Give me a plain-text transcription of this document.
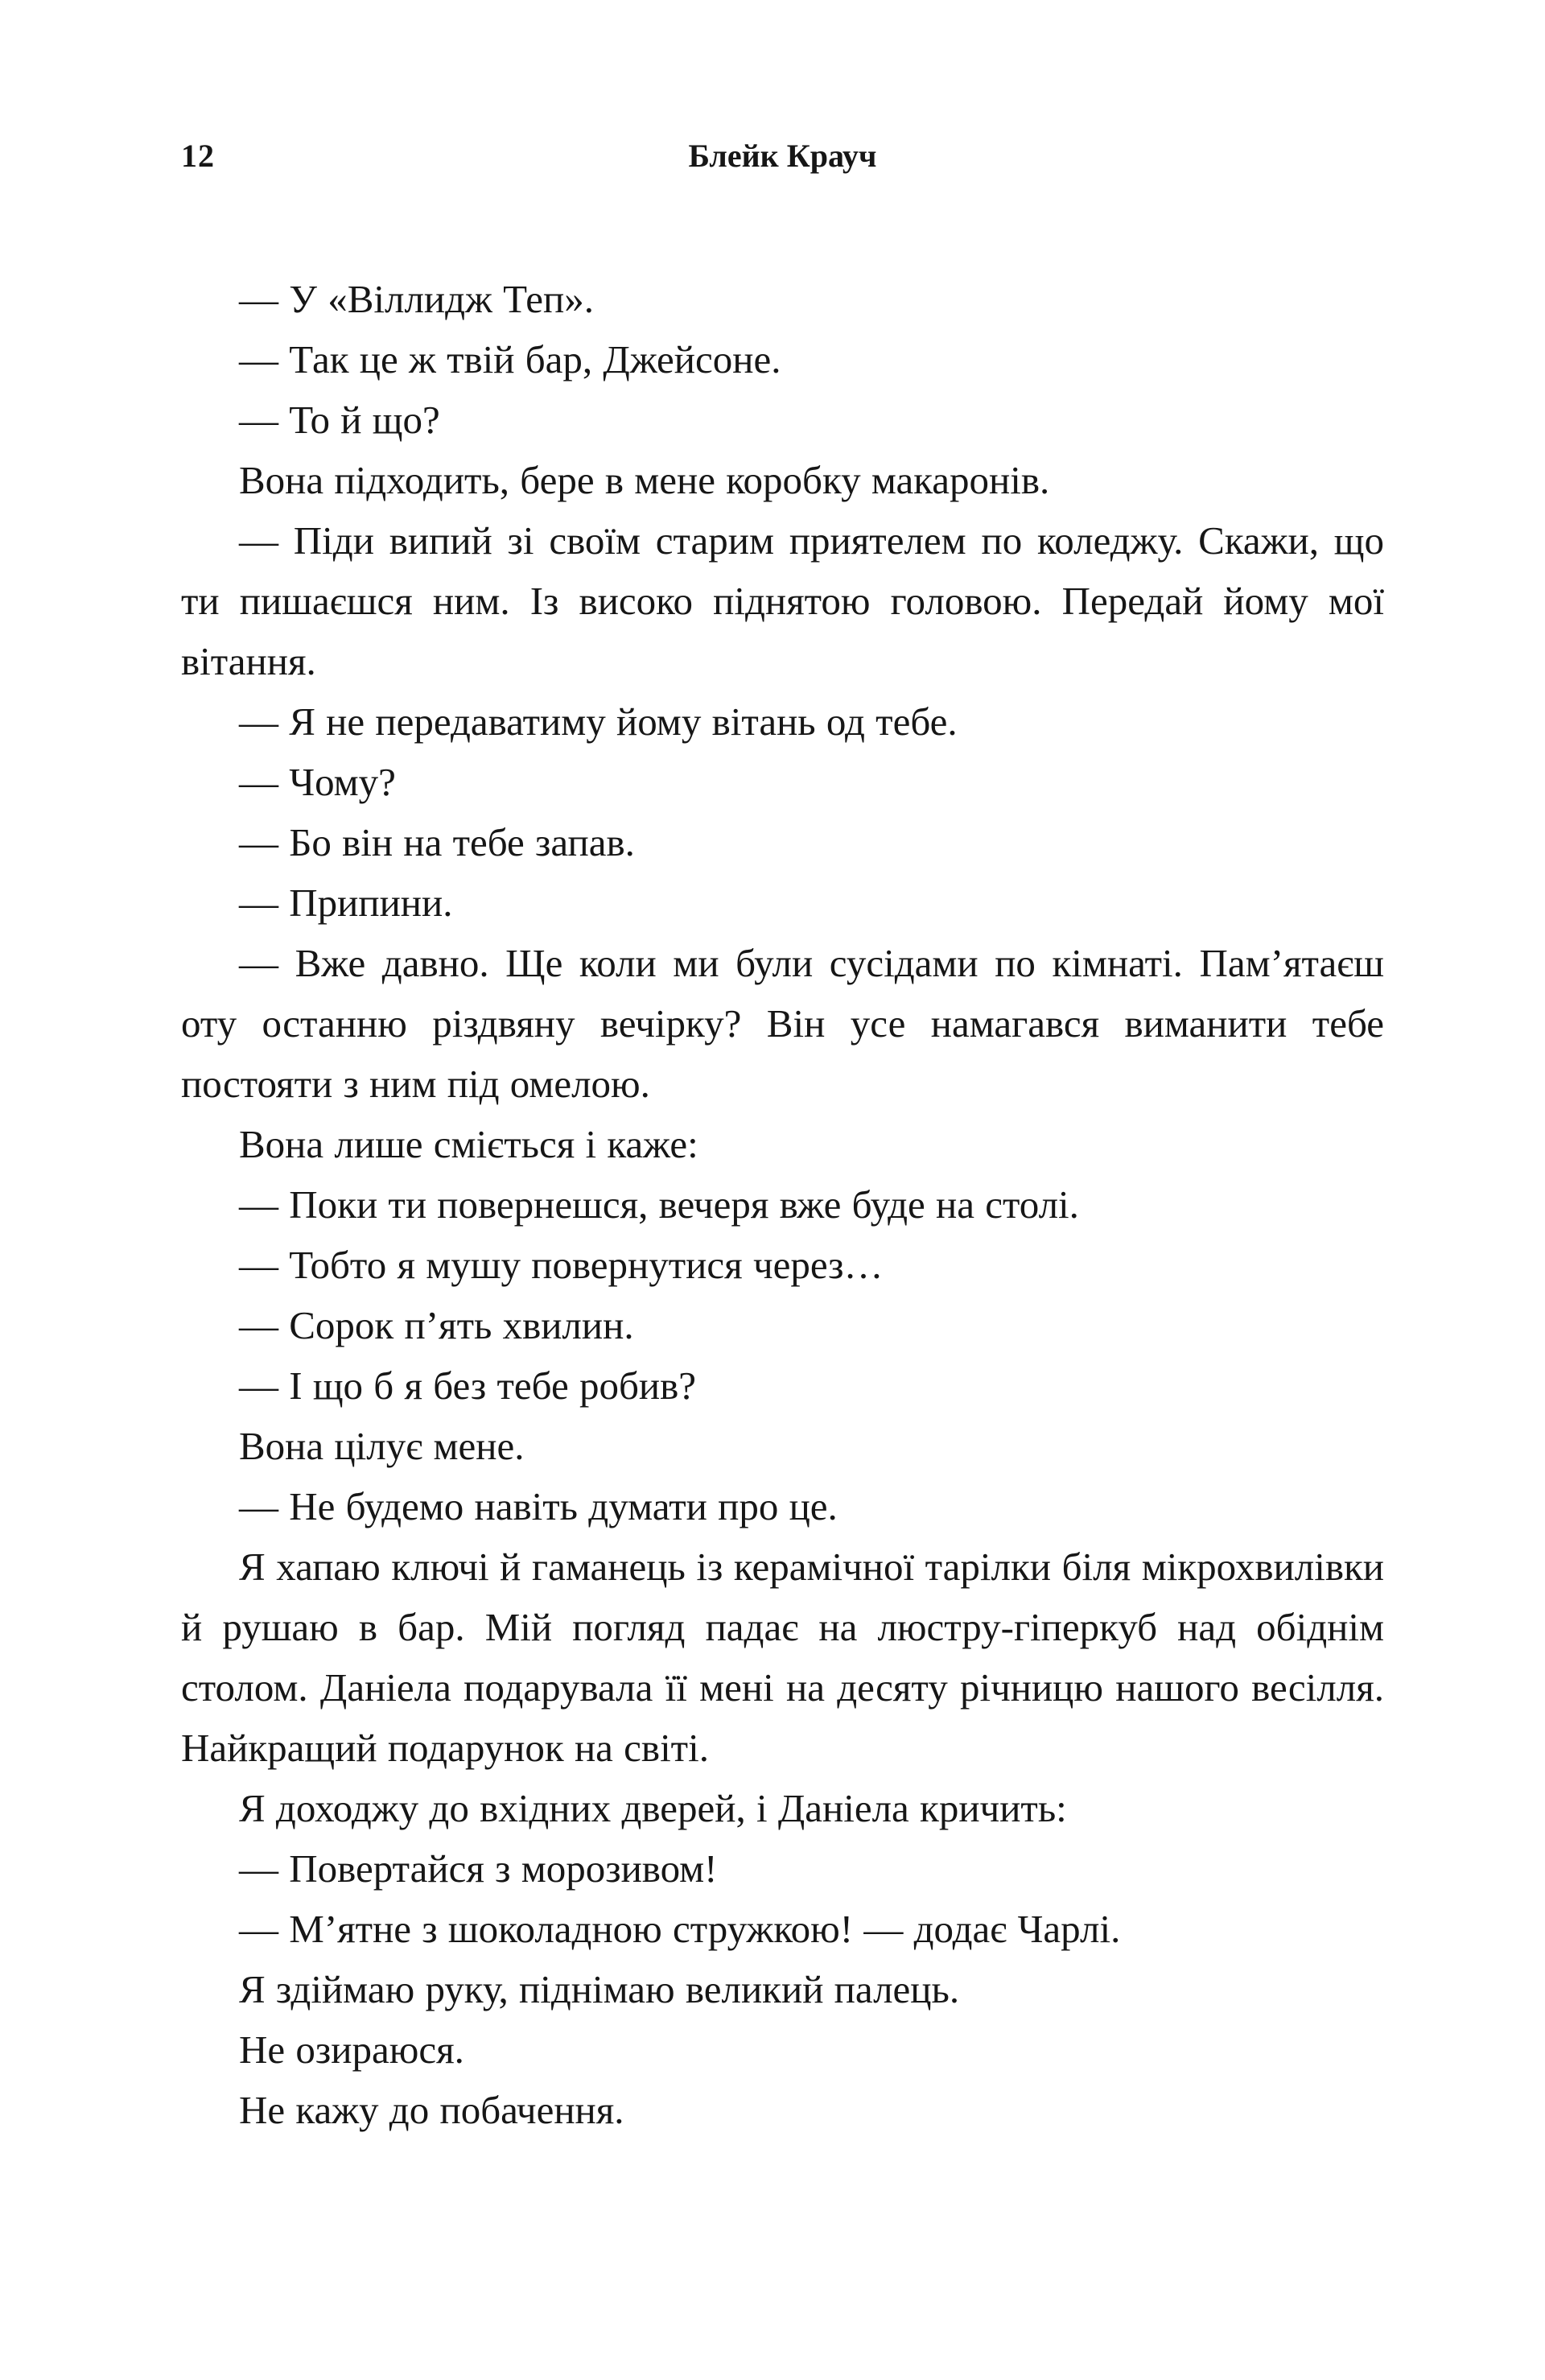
12	Блейк Крауч

— У «Віллидж Теп».

— Так це ж твій бар, Джейсоне.

— То й що?

Вона підходить, бере в мене коробку макаронів.

— Піди випий зі своїм старим приятелем по коледжу. Скажи, що ти пишаєшся ним. Із високо піднятою головою. Передай йому мої вітання.

— Я не передаватиму йому вітань од тебе.

— Чому?

— Бо він на тебе запав.

— Припини.

— Вже давно. Ще коли ми були сусідами по кімнаті. Пам’ятаєш оту останню різдвяну вечірку? Він усе намагався виманити тебе постояти з ним під омелою.

Вона лише сміється і каже:

— Поки ти повернешся, вечеря вже буде на столі.

— Тобто я мушу повернутися через…

— Сорок п’ять хвилин.

— І що б я без тебе робив?

Вона цілує мене.

— Не будемо навіть думати про це.

Я хапаю ключі й гаманець із керамічної тарілки біля мікрохвилівки й рушаю в бар. Мій погляд падає на люстру-гіперкуб над обіднім столом. Даніела подарувала її мені на десяту річницю нашого весілля. Найкращий подарунок на світі.

Я доходжу до вхідних дверей, і Даніела кричить:

— Повертайся з морозивом!

— М’ятне з шоколадною стружкою! — додає Чарлі.

Я здіймаю руку, піднімаю великий палець.

Не озираюся.

Не кажу до побачення.
